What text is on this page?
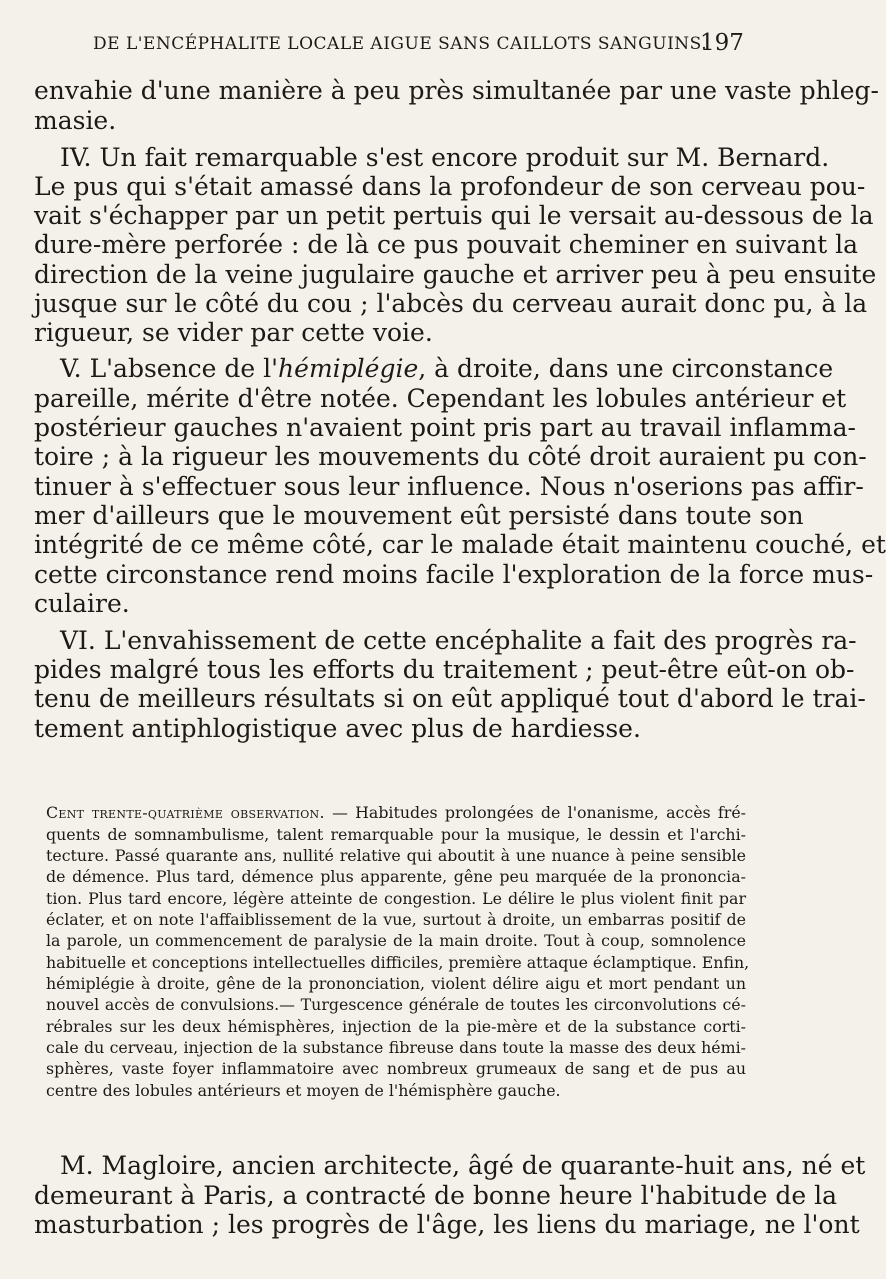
DE L'ENCÉPHALITE LOCALE AIGUE SANS CAILLOTS SANGUINS.
197
envahie d'une manière à peu près simultanée par une vaste phleg-
masie.
IV. Un fait remarquable s'est encore produit sur M. Bernard.
Le pus qui s'était amassé dans la profondeur de son cerveau pou-
vait s'échapper par un petit pertuis qui le versait au-dessous de la
dure-mère perforée : de là ce pus pouvait cheminer en suivant la
direction de la veine jugulaire gauche et arriver peu à peu ensuite
jusque sur le côté du cou ; l'abcès du cerveau aurait donc pu, à la
rigueur, se vider par cette voie.
V. L'absence de l'hémiplégie, à droite, dans une circonstance
pareille, mérite d'être notée. Cependant les lobules antérieur et
postérieur gauches n'avaient point pris part au travail inflamma-
toire ; à la rigueur les mouvements du côté droit auraient pu con-
tinuer à s'effectuer sous leur influence. Nous n'oserions pas affir-
mer d'ailleurs que le mouvement eût persisté dans toute son
intégrité de ce même côté, car le malade était maintenu couché, et
cette circonstance rend moins facile l'exploration de la force mus-
culaire.
VI. L'envahissement de cette encéphalite a fait des progrès ra-
pides malgré tous les efforts du traitement ; peut-être eût-on ob-
tenu de meilleurs résultats si on eût appliqué tout d'abord le trai-
tement antiphlogistique avec plus de hardiesse.
Cent trente-quatrième observation. — Habitudes prolongées de l'onanisme, accès fré-
quents de somnambulisme, talent remarquable pour la musique, le dessin et l'archi-
tecture. Passé quarante ans, nullité relative qui aboutit à une nuance à peine sensible
de démence. Plus tard, démence plus apparente, gêne peu marquée de la prononcia-
tion. Plus tard encore, légère atteinte de congestion. Le délire le plus violent finit par
éclater, et on note l'affaiblissement de la vue, surtout à droite, un embarras positif de
la parole, un commencement de paralysie de la main droite. Tout à coup, somnolence
habituelle et conceptions intellectuelles difficiles, première attaque éclamptique. Enfin,
hémiplégie à droite, gêne de la prononciation, violent délire aigu et mort pendant un
nouvel accès de convulsions.— Turgescence générale de toutes les circonvolutions cé-
rébrales sur les deux hémisphères, injection de la pie-mère et de la substance corti-
cale du cerveau, injection de la substance fibreuse dans toute la masse des deux hémi-
sphères, vaste foyer inflammatoire avec nombreux grumeaux de sang et de pus au
centre des lobules antérieurs et moyen de l'hémisphère gauche.
M. Magloire, ancien architecte, âgé de quarante-huit ans, né et
demeurant à Paris, a contracté de bonne heure l'habitude de la
masturbation ; les progrès de l'âge, les liens du mariage, ne l'ont
